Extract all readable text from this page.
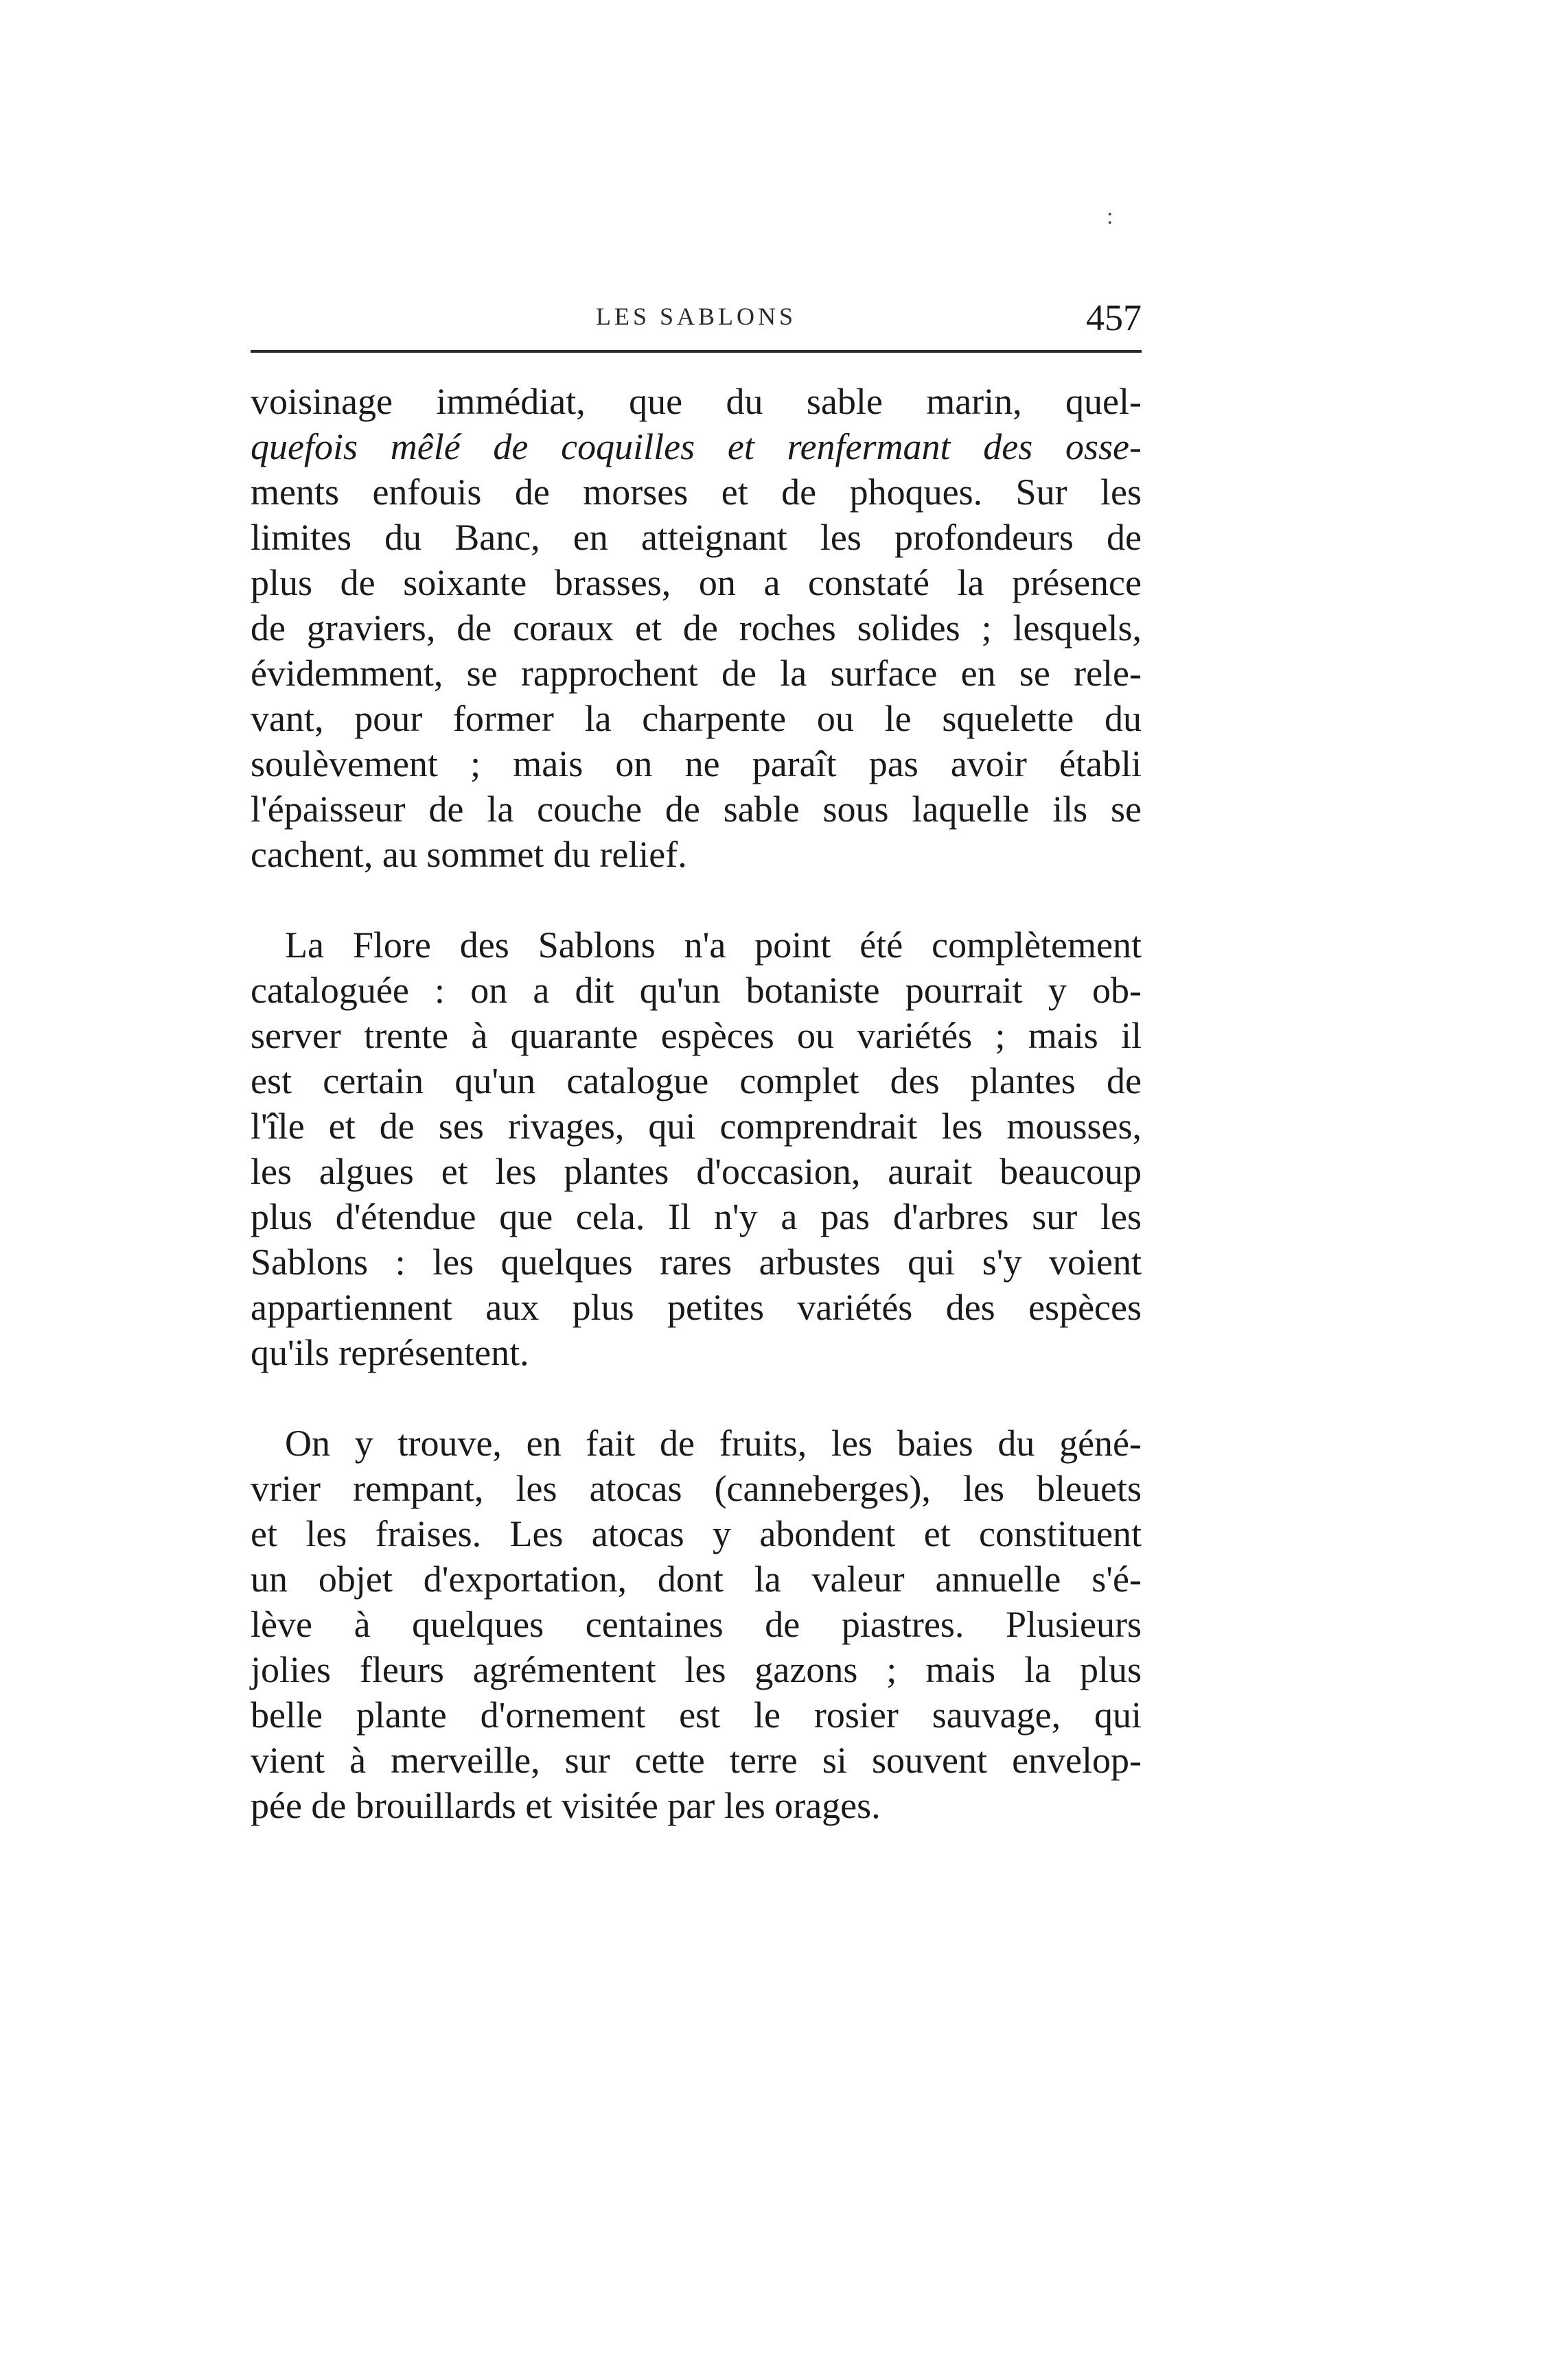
:
LES SABLONS	457

voisinage immédiat, que du sable marin, quel-
quefois mêlé de coquilles et renfermant des osse-
ments enfouis de morses et de phoques. Sur les
limites du Banc, en atteignant les profondeurs de
plus de soixante brasses, on a constaté la présence
de graviers, de coraux et de roches solides ; lesquels,
évidemment, se rapprochent de la surface en se rele-
vant, pour former la charpente ou le squelette du
soulèvement ; mais on ne paraît pas avoir établi
l'épaisseur de la couche de sable sous laquelle ils se
cachent, au sommet du relief.

La Flore des Sablons n'a point été complètement
cataloguée : on a dit qu'un botaniste pourrait y ob-
server trente à quarante espèces ou variétés ; mais il
est certain qu'un catalogue complet des plantes de
l'île et de ses rivages, qui comprendrait les mousses,
les algues et les plantes d'occasion, aurait beaucoup
plus d'étendue que cela. Il n'y a pas d'arbres sur les
Sablons : les quelques rares arbustes qui s'y voient
appartiennent aux plus petites variétés des espèces
qu'ils représentent.

On y trouve, en fait de fruits, les baies du géné-
vrier rempant, les atocas (canneberges), les bleuets
et les fraises. Les atocas y abondent et constituent
un objet d'exportation, dont la valeur annuelle s'é-
lève à quelques centaines de piastres. Plusieurs
jolies fleurs agrémentent les gazons ; mais la plus
belle plante d'ornement est le rosier sauvage, qui
vient à merveille, sur cette terre si souvent envelop-
pée de brouillards et visitée par les orages.
